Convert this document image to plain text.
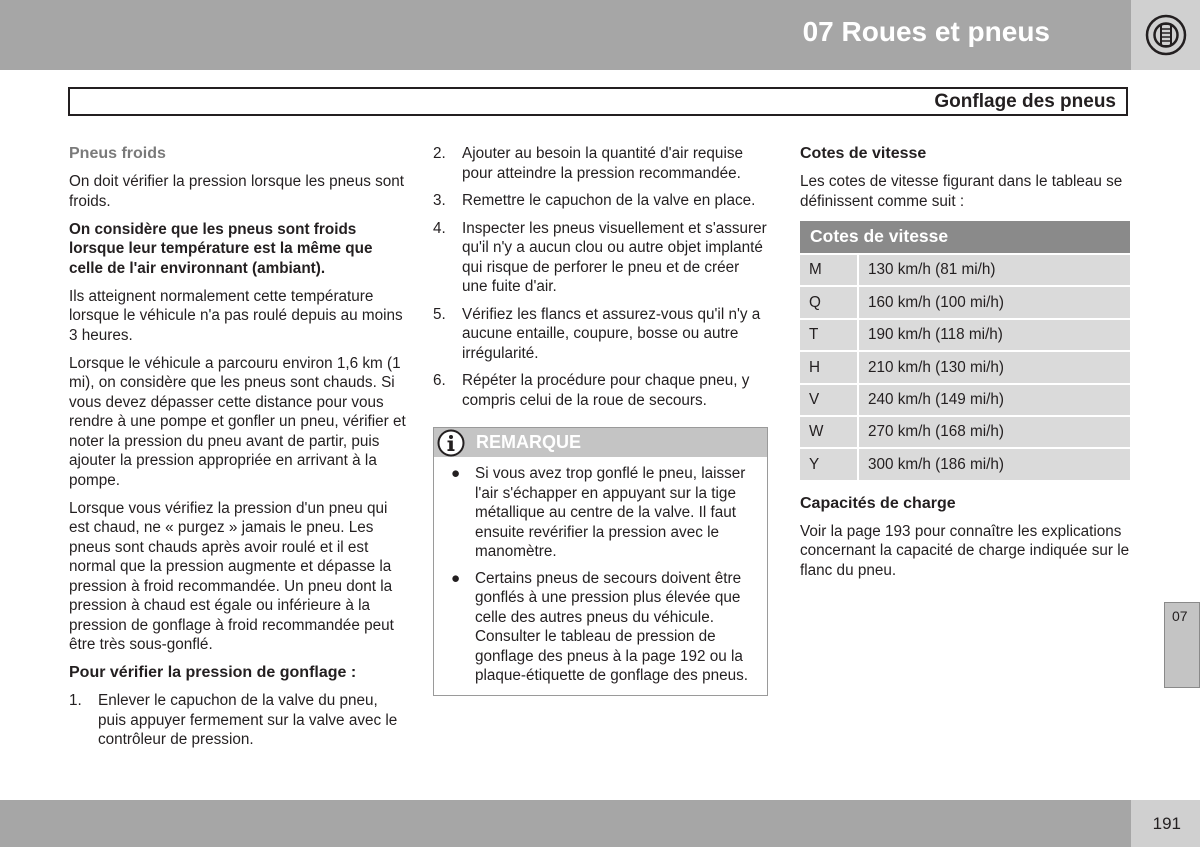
07 Roues et pneus
Gonflage des pneus

Pneus froids

On doit vérifier la pression lorsque les pneus sont froids.

On considère que les pneus sont froids lorsque leur température est la même que celle de l'air environnant (ambiant).

Ils atteignent normalement cette température lorsque le véhicule n'a pas roulé depuis au moins 3 heures.

Lorsque le véhicule a parcouru environ 1,6 km (1 mi), on considère que les pneus sont chauds. Si vous devez dépasser cette distance pour vous rendre à une pompe et gonfler un pneu, vérifier et noter la pression du pneu avant de partir, puis ajouter la pression appropriée en arrivant à la pompe.

Lorsque vous vérifiez la pression d'un pneu qui est chaud, ne « purgez » jamais le pneu. Les pneus sont chauds après avoir roulé et il est normal que la pression augmente et dépasse la pression à froid recommandée. Un pneu dont la pression à chaud est égale ou inférieure à la pression de gonflage à froid recommandée peut être très sous-gonflé.

Pour vérifier la pression de gonflage :

1.	Enlever le capuchon de la valve du pneu, puis appuyer fermement sur la valve avec le contrôleur de pression.
2.	Ajouter au besoin la quantité d'air requise pour atteindre la pression recommandée.
3.	Remettre le capuchon de la valve en place.
4.	Inspecter les pneus visuellement et s'assurer qu'il n'y a aucun clou ou autre objet implanté qui risque de perforer le pneu et de créer une fuite d'air.
5.	Vérifiez les flancs et assurez-vous qu'il n'y a aucune entaille, coupure, bosse ou autre irrégularité.
6.	Répéter la procédure pour chaque pneu, y compris celui de la roue de secours.
REMARQUE
● Si vous avez trop gonflé le pneu, laisser l'air s'échapper en appuyant sur la tige métallique au centre de la valve. Il faut ensuite revérifier la pression avec le manomètre.
● Certains pneus de secours doivent être gonflés à une pression plus élevée que celle des autres pneus du véhicule. Consulter le tableau de pression de gonflage des pneus à la page 192 ou la plaque-étiquette de gonflage des pneus.

Cotes de vitesse

Les cotes de vitesse figurant dans le tableau se définissent comme suit :

Cotes de vitesse	
M	130 km/h (81 mi/h)
Q	160 km/h (100 mi/h)
T	190 km/h (118 mi/h)
H	210 km/h (130 mi/h)
V	240 km/h (149 mi/h)
W	270 km/h (168 mi/h)
Y	300 km/h (186 mi/h)

Capacités de charge

Voir la page 193 pour connaître les explications concernant la capacité de charge indiquée sur le flanc du pneu.

07
191
